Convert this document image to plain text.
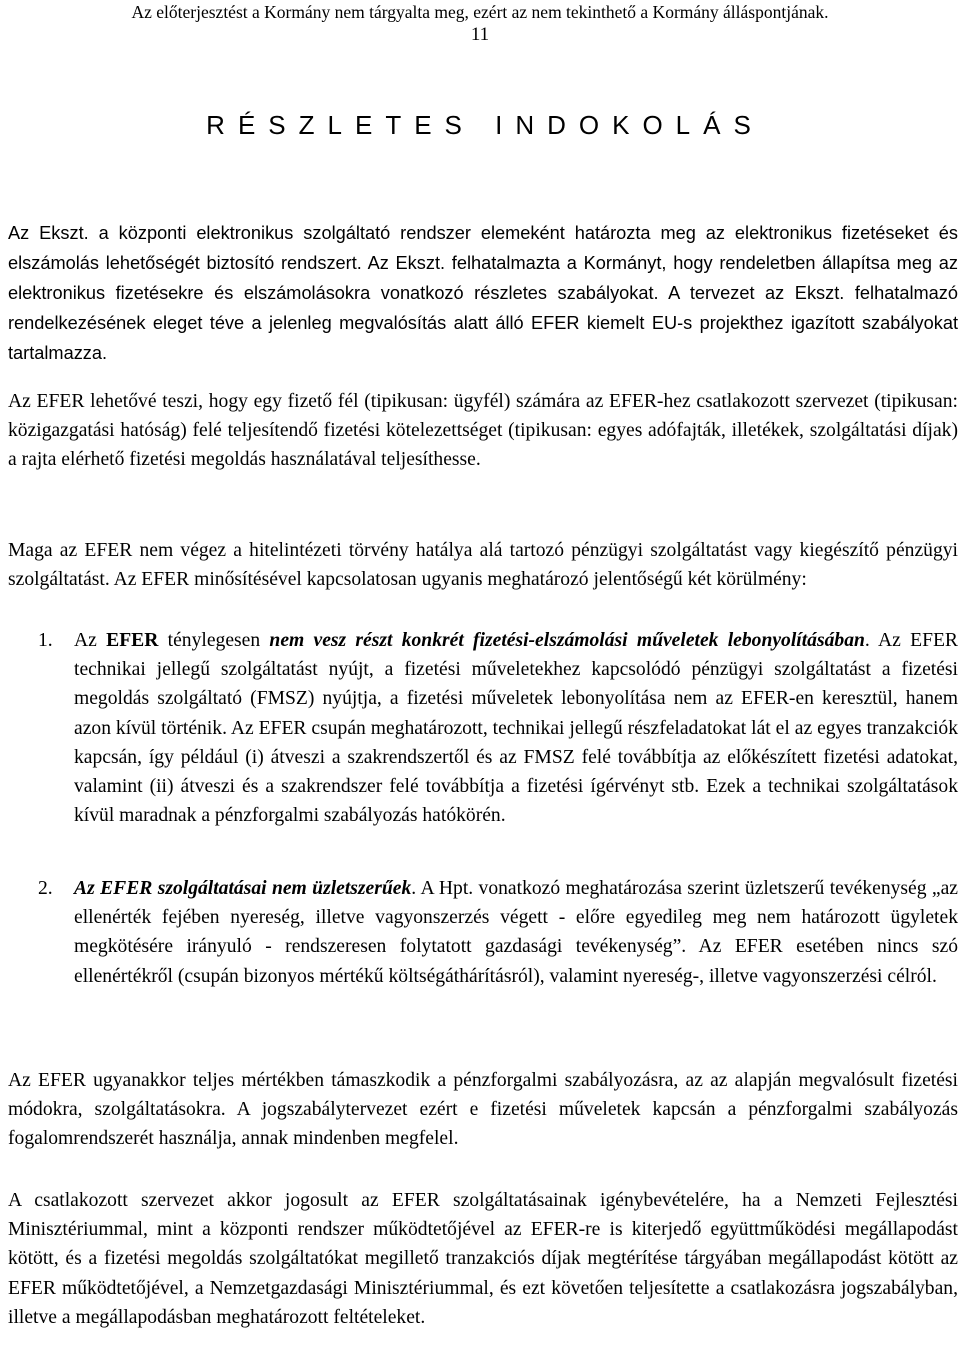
Az előterjesztést a Kormány nem tárgyalta meg, ezért az nem tekinthető a Kormány álláspontjának.
11
RÉSZLETES INDOKOLÁS

Az Ekszt. a központi elektronikus szolgáltató rendszer elemeként határozta meg az elektronikus fizetéseket és elszámolás lehetőségét biztosító rendszert. Az Ekszt. felhatalmazta a Kormányt, hogy rendeletben állapítsa meg az elektronikus fizetésekre és elszámolásokra vonatkozó részletes szabályokat. A tervezet az Ekszt. felhatalmazó rendelkezésének eleget téve a jelenleg megvalósítás alatt álló EFER kiemelt EU-s projekthez igazított szabályokat tartalmazza.

Az EFER lehetővé teszi, hogy egy fizető fél (tipikusan: ügyfél) számára az EFER-hez csatlakozott szervezet (tipikusan: közigazgatási hatóság) felé teljesítendő fizetési kötelezettséget (tipikusan: egyes adófajták, illetékek, szolgáltatási díjak) a rajta elérhető fizetési megoldás használatával teljesíthesse.

Maga az EFER nem végez a hitelintézeti törvény hatálya alá tartozó pénzügyi szolgáltatást vagy kiegészítő pénzügyi szolgáltatást. Az EFER minősítésével kapcsolatosan ugyanis meghatározó jelentőségű két körülmény:

1. Az EFER ténylegesen nem vesz részt konkrét fizetési-elszámolási műveletek lebonyolításában. Az EFER technikai jellegű szolgáltatást nyújt, a fizetési műveletekhez kapcsolódó pénzügyi szolgáltatást a fizetési megoldás szolgáltató (FMSZ) nyújtja, a fizetési műveletek lebonyolítása nem az EFER-en keresztül, hanem azon kívül történik. Az EFER csupán meghatározott, technikai jellegű részfeladatokat lát el az egyes tranzakciók kapcsán, így például (i) átveszi a szakrendszertől és az FMSZ felé továbbítja az előkészített fizetési adatokat, valamint (ii) átveszi és a szakrendszer felé továbbítja a fizetési ígérvényt stb. Ezek a technikai szolgáltatások kívül maradnak a pénzforgalmi szabályozás hatókörén.

2. Az EFER szolgáltatásai nem üzletszerűek. A Hpt. vonatkozó meghatározása szerint üzletszerű tevékenység „az ellenérték fejében nyereség, illetve vagyonszerzés végett - előre egyedileg meg nem határozott ügyletek megkötésére irányuló - rendszeresen folytatott gazdasági tevékenység”. Az EFER esetében nincs szó ellenértékről (csupán bizonyos mértékű költségáthárításról), valamint nyereség-, illetve vagyonszerzési célról.

Az EFER ugyanakkor teljes mértékben támaszkodik a pénzforgalmi szabályozásra, az az alapján megvalósult fizetési módokra, szolgáltatásokra. A jogszabálytervezet ezért e fizetési műveletek kapcsán a pénzforgalmi szabályozás fogalomrendszerét használja, annak mindenben megfelel.

A csatlakozott szervezet akkor jogosult az EFER szolgáltatásainak igénybevételére, ha a Nemzeti Fejlesztési Minisztériummal, mint a központi rendszer működtetőjével az EFER-re is kiterjedő együttműködési megállapodást kötött, és a fizetési megoldás szolgáltatókat megillető tranzakciós díjak megtérítése tárgyában megállapodást kötött az EFER működtetőjével, a Nemzetgazdasági Minisztériummal, és ezt követően teljesítette a csatlakozásra jogszabályban, illetve a megállapodásban meghatározott feltételeket.
